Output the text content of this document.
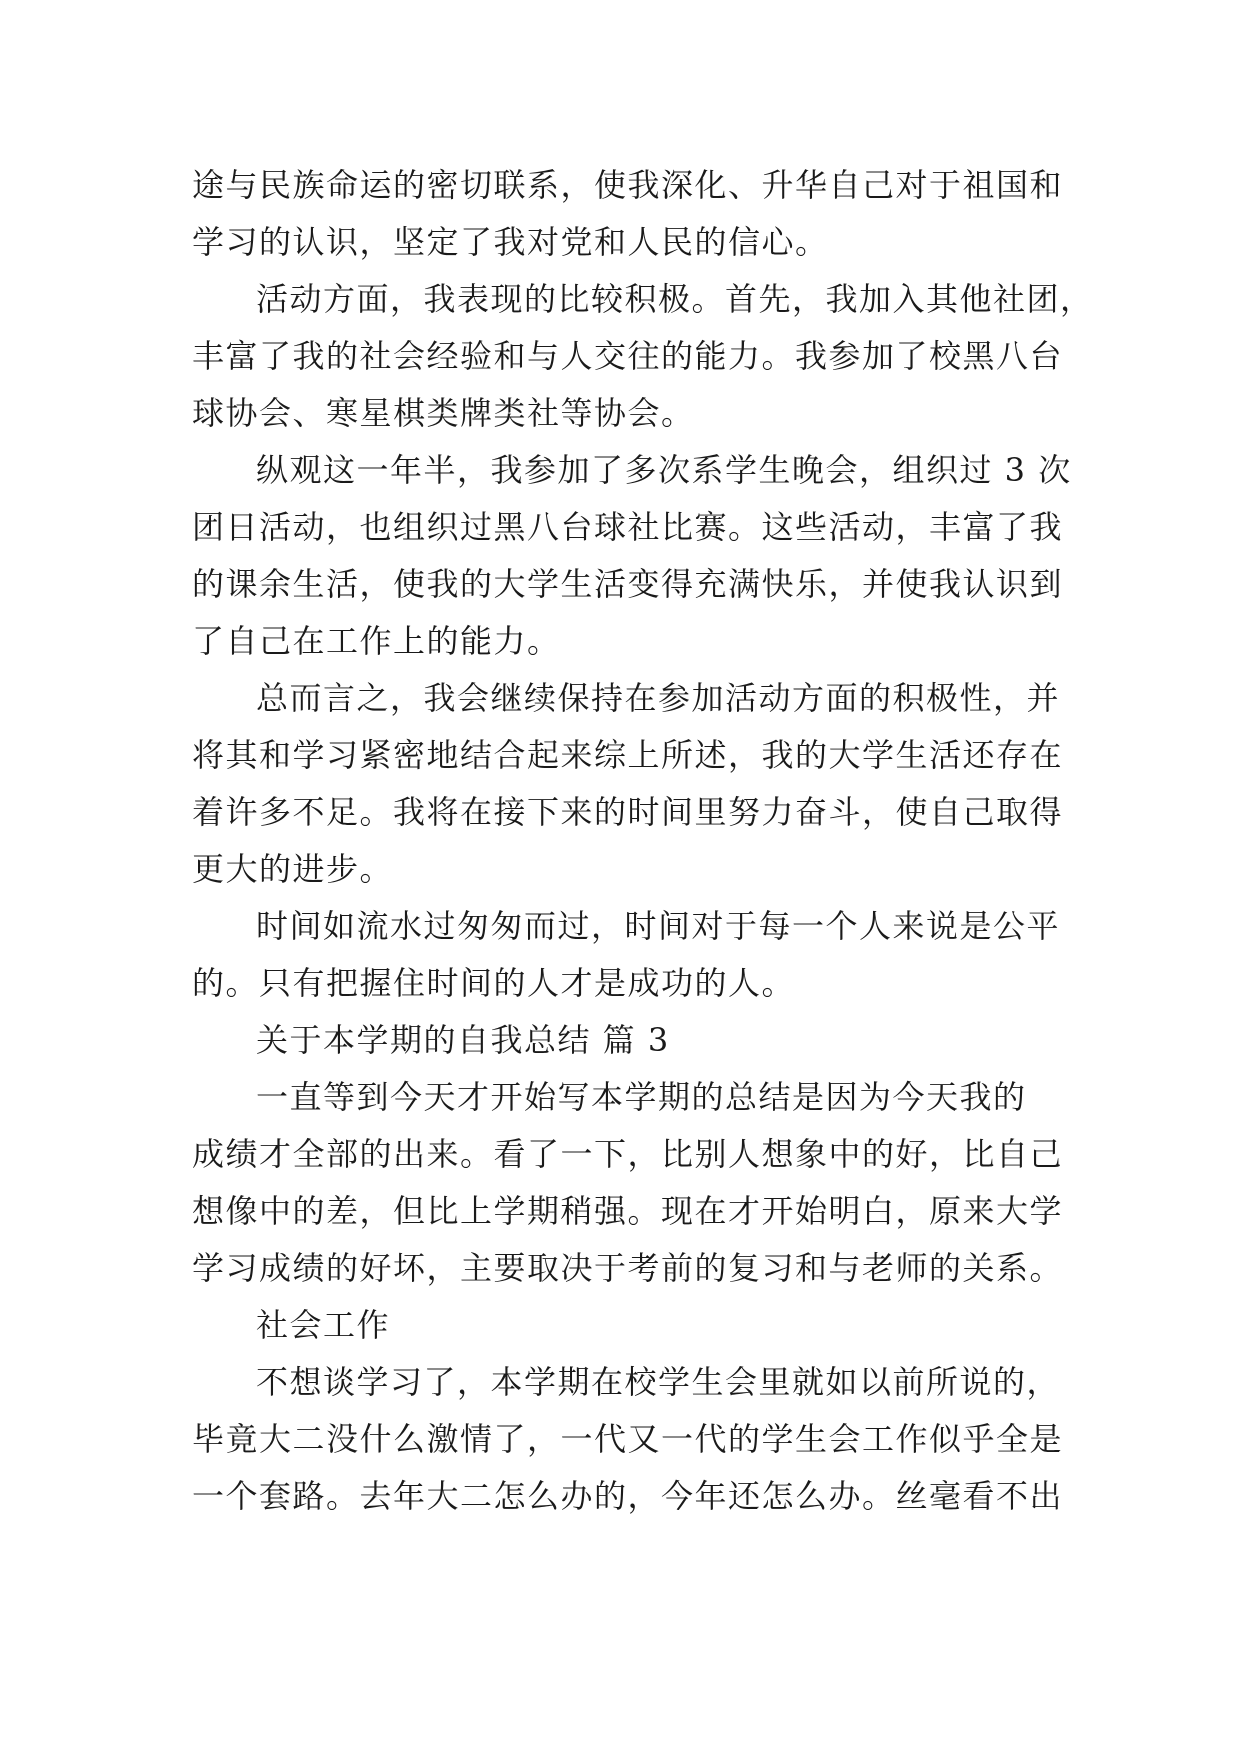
途与民族命运的密切联系，使我深化、升华自己对于祖国和
学习的认识，坚定了我对党和人民的信心。
活动方面，我表现的比较积极。首先，我加入其他社团，
丰富了我的社会经验和与人交往的能力。我参加了校黑八台
球协会、寒星棋类牌类社等协会。
纵观这一年半，我参加了多次系学生晚会，组织过 3 次
团日活动，也组织过黑八台球社比赛。这些活动，丰富了我
的课余生活，使我的大学生活变得充满快乐，并使我认识到
了自己在工作上的能力。
总而言之，我会继续保持在参加活动方面的积极性，并
将其和学习紧密地结合起来综上所述，我的大学生活还存在
着许多不足。我将在接下来的时间里努力奋斗，使自己取得
更大的进步。
时间如流水过匆匆而过，时间对于每一个人来说是公平
的。只有把握住时间的人才是成功的人。
关于本学期的自我总结 篇 3
一直等到今天才开始写本学期的总结是因为今天我的
成绩才全部的出来。看了一下，比别人想象中的好，比自己
想像中的差，但比上学期稍强。现在才开始明白，原来大学
学习成绩的好坏，主要取决于考前的复习和与老师的关系。
社会工作
不想谈学习了，本学期在校学生会里就如以前所说的，
毕竟大二没什么激情了，一代又一代的学生会工作似乎全是
一个套路。去年大二怎么办的，今年还怎么办。丝毫看不出
